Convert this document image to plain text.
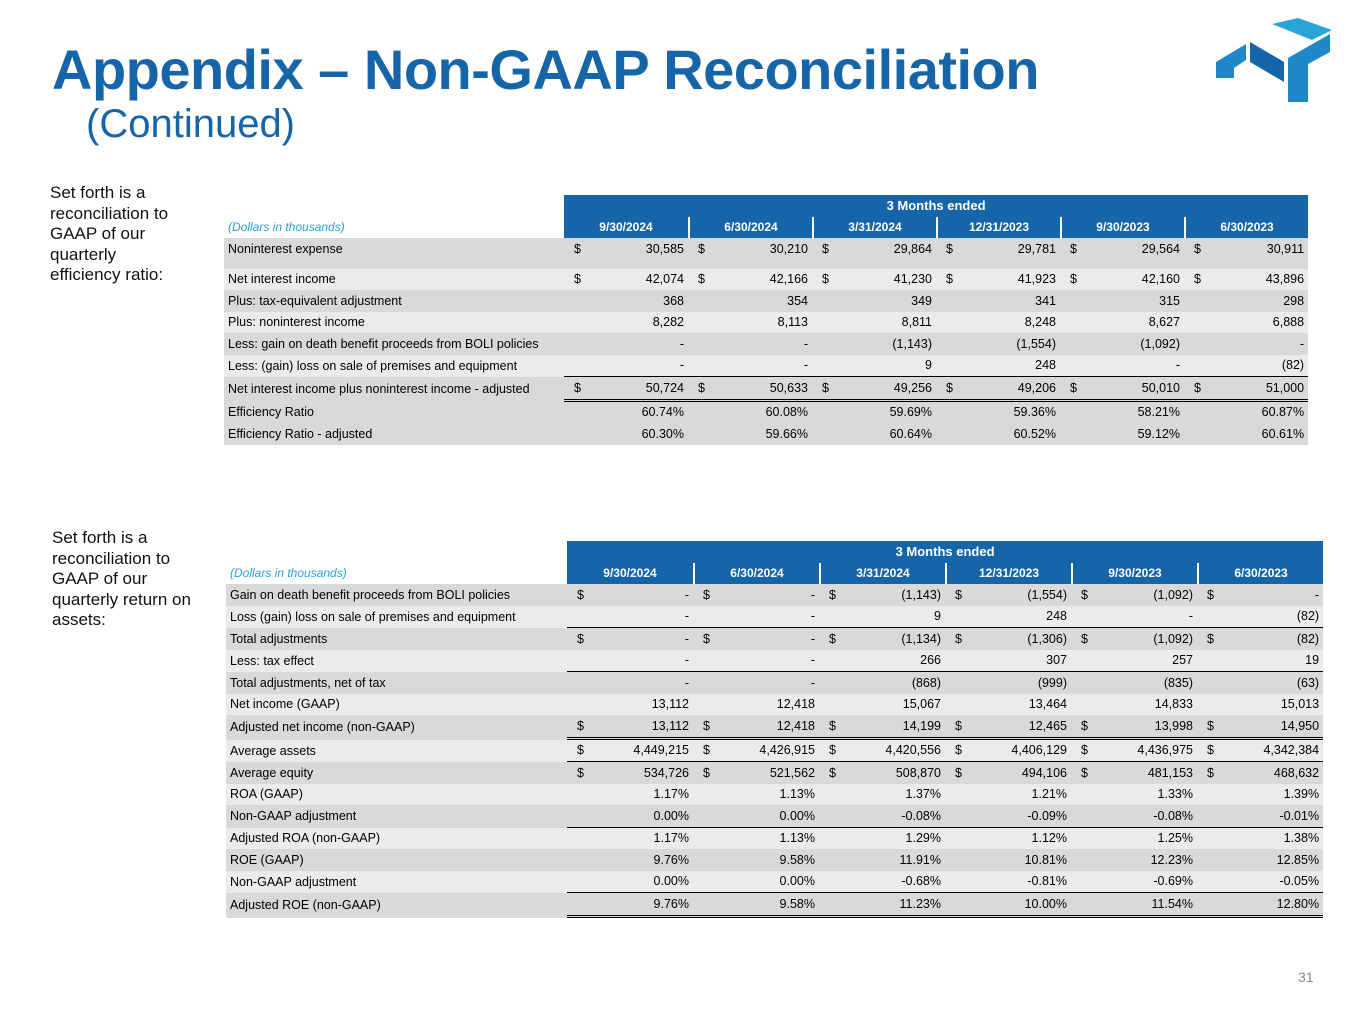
Appendix – Non-GAAP Reconciliation
(Continued)
Set forth is a reconciliation to GAAP of our quarterly efficiency ratio:
Set forth is a reconciliation to GAAP of our quarterly return on assets:
	3 Months ended											
(Dollars in thousands)	9/30/2024		6/30/2024		3/31/2024		12/31/2023		9/30/2023		6/30/2023	
Noninterest expense	$	30,585	$	30,210	$	29,864	$	29,781	$	29,564	$	30,911

Net interest income	$	42,074	$	42,166	$	41,230	$	41,923	$	42,160	$	43,896
Plus: tax-equivalent adjustment		368		354		349		341		315		298
Plus: noninterest income		8,282		8,113		8,811		8,248		8,627		6,888
Less: gain on death benefit proceeds from BOLI policies		-		-		(1,143)		(1,554)		(1,092)		-
Less: (gain) loss on sale of premises and equipment		-		-		9		248		-		(82)
Net interest income plus noninterest income - adjusted	$	50,724	$	50,633	$	49,256	$	49,206	$	50,010	$	51,000
Efficiency Ratio		60.74%		60.08%		59.69%		59.36%		58.21%		60.87%
Efficiency Ratio - adjusted		60.30%		59.66%		60.64%		60.52%		59.12%		60.61%
	3 Months ended											
(Dollars in thousands)	9/30/2024		6/30/2024		3/31/2024		12/31/2023		9/30/2023		6/30/2023	
Gain on death benefit proceeds from BOLI policies	$	-	$	-	$	(1,143)	$	(1,554)	$	(1,092)	$	-
Loss (gain) loss on sale of premises and equipment		-		-		9		248		-		(82)
Total adjustments	$	-	$	-	$	(1,134)	$	(1,306)	$	(1,092)	$	(82)
Less: tax effect		-		-		266		307		257		19
Total adjustments, net of tax		-		-		(868)		(999)		(835)		(63)
Net income (GAAP)		13,112		12,418		15,067		13,464		14,833		15,013
Adjusted net income (non-GAAP)	$	13,112	$	12,418	$	14,199	$	12,465	$	13,998	$	14,950
Average assets	$	4,449,215	$	4,426,915	$	4,420,556	$	4,406,129	$	4,436,975	$	4,342,384
Average equity	$	534,726	$	521,562	$	508,870	$	494,106	$	481,153	$	468,632
ROA (GAAP)		1.17%		1.13%		1.37%		1.21%		1.33%		1.39%
Non-GAAP adjustment		0.00%		0.00%		-0.08%		-0.09%		-0.08%		-0.01%
Adjusted ROA (non-GAAP)		1.17%		1.13%		1.29%		1.12%		1.25%		1.38%
ROE (GAAP)		9.76%		9.58%		11.91%		10.81%		12.23%		12.85%
Non-GAAP adjustment		0.00%		0.00%		-0.68%		-0.81%		-0.69%		-0.05%
Adjusted ROE (non-GAAP)		9.76%		9.58%		11.23%		10.00%		11.54%		12.80%
31
